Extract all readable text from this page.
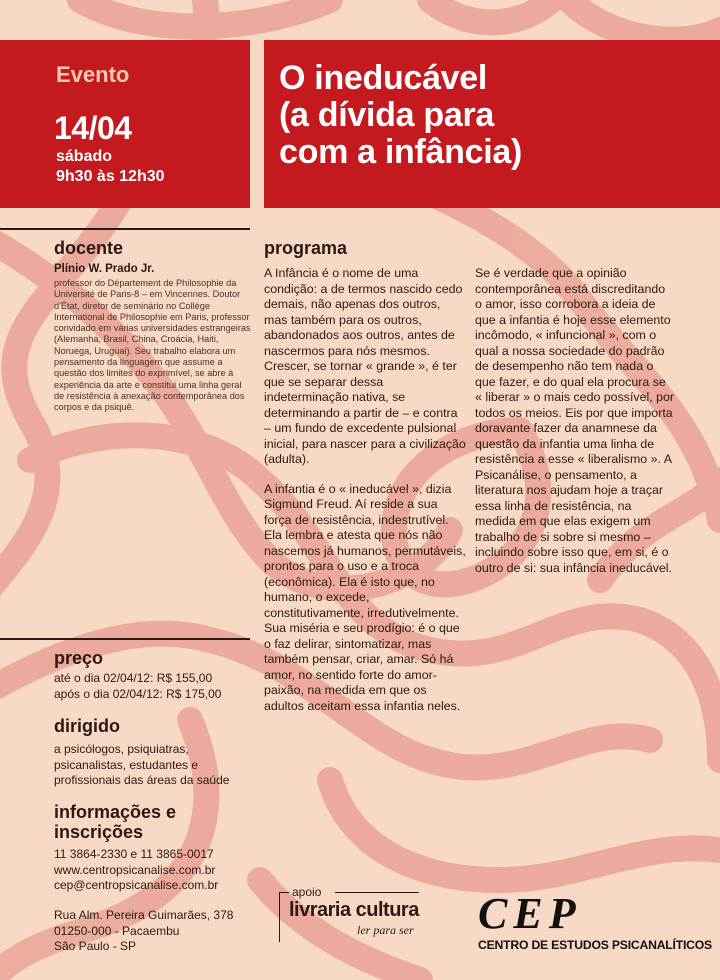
Evento
14/04
sábado
9h30 às 12h30
O ineducável
(a dívida para
com a infância)
docente
Plínio W. Prado Jr.
professor do Département de Philosophie da Université de Paris-8 – em Vincennes. Doutor d'État, diretor de seminário no Collège International de Philosophie em Paris, professor convidado em várias universidades estrangeiras (Alemanha, Brasil, China, Croácia, Haiti, Noruega, Uruguai). Seu trabalho elabora um pensamento da linguagem que assume a questão dos limites do exprimível, se abre à experiência da arte e constitui uma linha geral de resistência à anexação contemporânea dos corpos e da psiquê.
programa

A Infância é o nome de uma condição: a de termos nascido cedo demais, não apenas dos outros, mas também para os outros, abandonados aos outros, antes de nascermos para nós mesmos. Crescer, se tornar « grande », é ter que se separar dessa indeterminação nativa, se determinando a partir de – e contra – um fundo de excedente pulsional inicial, para nascer para a civilização (adulta).

A infantia é o « ineducável », dizia Sigmund Freud. Aí reside a sua força de resistência, indestrutível. Ela lembra e atesta que nós não nascemos já humanos, permutáveis, prontos para o uso e a troca (econômica). Ela é isto que, no humano, o excede, constitutivamente, irredutivelmente. Sua miséria e seu prodígio: é o que o faz delirar, sintomatizar, mas também pensar, criar, amar. Só há amor, no sentido forte do amor-paixão, na medida em que os adultos aceitam essa infantia neles.

Se é verdade que a opinião contemporânea está discreditando o amor, isso corrobora a ideia de que a infantia é hoje esse elemento incômodo, « infuncional », com o qual a nossa sociedade do padrão de desempenho não tem nada o que fazer, e do qual ela procura se « liberar » o mais cedo possível, por todos os meios. Eis por que importa doravante fazer da anamnese da questão da infantia uma linha de resistência a esse « liberalismo ». A Psicanálise, o pensamento, a literatura nos ajudam hoje a traçar essa linha de resistência, na medida em que elas exigem um trabalho de si sobre si mesmo – incluindo sobre isso que, em si, é o outro de si: sua infância ineducável.

preço
até o dia 02/04/12: R$ 155,00
após o dia 02/04/12: R$ 175,00
dirigido
a psicólogos, psiquiatras,
psicanalistas, estudantes e
profissionais das áreas da saúde
informações e
inscrições
11 3864-2330 e 11 3865-0017
www.centropsicanalise.com.br
cep@centropsicanalise.com.br
Rua Alm. Pereira Guimarães, 378
01250-000 - Pacaembu
São Paulo - SP
apoio
livraria cultura
ler para ser CEP
CENTRO DE ESTUDOS PSICANALÍTICOS
